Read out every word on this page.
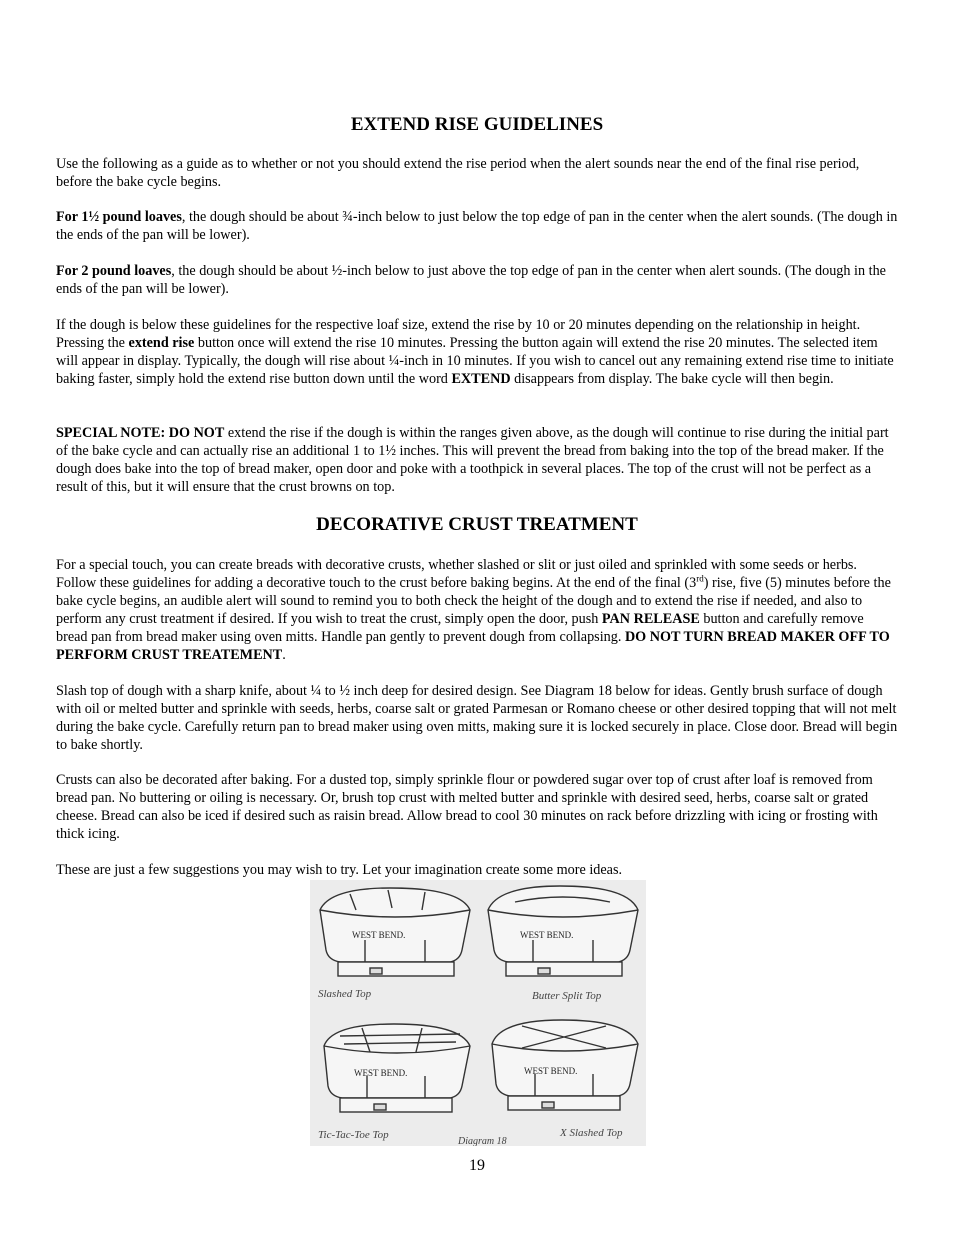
EXTEND RISE GUIDELINES

Use the following as a guide as to whether or not you should extend the rise period when the alert sounds near the end of the final rise period, before the bake cycle begins.

For 1½ pound loaves, the dough should be about ¾-inch below to just below the top edge of pan in the center when the alert sounds. (The dough in the ends of the pan will be lower).

For 2 pound loaves, the dough should be about ½-inch below to just above the top edge of pan in the center when alert sounds. (The dough in the ends of the pan will be lower).

If the dough is below these guidelines for the respective loaf size, extend the rise by 10 or 20 minutes depending on the relationship in height. Pressing the extend rise button once will extend the rise 10 minutes. Pressing the button again will extend the rise 20 minutes. The selected item will appear in display. Typically, the dough will rise about ¼-inch in 10 minutes. If you wish to cancel out any remaining extend rise time to initiate baking faster, simply hold the extend rise button down until the word EXTEND disappears from display. The bake cycle will then begin.

SPECIAL NOTE: DO NOT extend the rise if the dough is within the ranges given above, as the dough will continue to rise during the initial part of the bake cycle and can actually rise an additional 1 to 1½ inches. This will prevent the bread from baking into the top of the bread maker. If the dough does bake into the top of bread maker, open door and poke with a toothpick in several places. The top of the crust will not be perfect as a result of this, but it will ensure that the crust browns on top.

DECORATIVE CRUST TREATMENT

For a special touch, you can create breads with decorative crusts, whether slashed or slit or just oiled and sprinkled with some seeds or herbs. Follow these guidelines for adding a decorative touch to the crust before baking begins. At the end of the final (3rd) rise, five (5) minutes before the bake cycle begins, an audible alert will sound to remind you to both check the height of the dough and to extend the rise if needed, and also to perform any crust treatment if desired. If you wish to treat the crust, simply open the door, push PAN RELEASE button and carefully remove bread pan from bread maker using oven mitts. Handle pan gently to prevent dough from collapsing. DO NOT TURN BREAD MAKER OFF TO PERFORM CRUST TREATEMENT.

Slash top of dough with a sharp knife, about ¼ to ½ inch deep for desired design. See Diagram 18 below for ideas. Gently brush surface of dough with oil or melted butter and sprinkle with seeds, herbs, coarse salt or grated Parmesan or Romano cheese or other desired topping that will not melt during the bake cycle. Carefully return pan to bread maker using oven mitts, making sure it is locked securely in place. Close door. Bread will begin to bake shortly.

Crusts can also be decorated after baking. For a dusted top, simply sprinkle flour or powdered sugar over top of crust after loaf is removed from bread pan. No buttering or oiling is necessary. Or, brush top crust with melted butter and sprinkle with desired seed, herbs, coarse salt or grated cheese. Bread can also be iced if desired such as raisin bread. Allow bread to cool 30 minutes on rack before drizzling with icing or frosting with thick icing.

These are just a few suggestions you may wish to try. Let your imagination create some more ideas.

WEST BEND.	WEST BEND.
WEST BEND.	WEST BEND.
Slashed Top	Butter Split Top
Tic-Tac-Toe Top	X Slashed Top
Diagram 18
19
